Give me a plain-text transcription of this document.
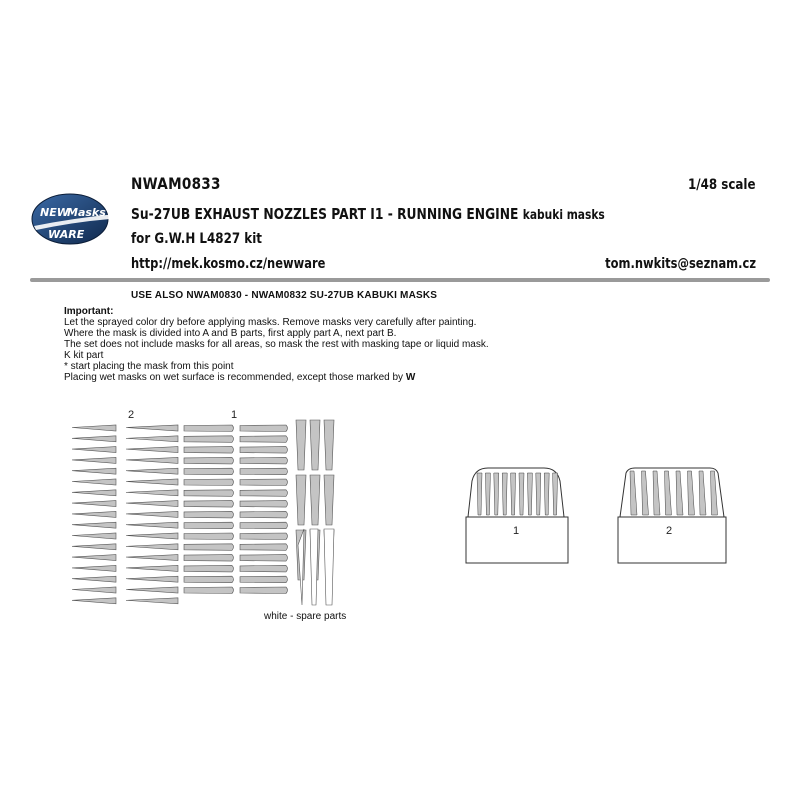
NEW
Masks
WARE
NWAM0833	1/48 scale
Su-27UB EXHAUST NOZZLES PART I1 - RUNNING ENGINE kabuki masks
for G.W.H L4827 kit
http://mek.kosmo.cz/newware	tom.nwkits@seznam.cz
USE ALSO NWAM0830 - NWAM0832 SU-27UB KABUKI MASKS
Important:
Let the sprayed color dry before applying masks. Remove masks very carefully after painting.
Where the mask is divided into A and B parts, first apply part A, next part B.
The set does not include masks for all areas, so mask the rest with masking tape or liquid mask.
K kit part
* start placing the mask from this point
Placing wet masks on wet surface is recommended, except those marked by W
2	1
white - spare parts
1	2
